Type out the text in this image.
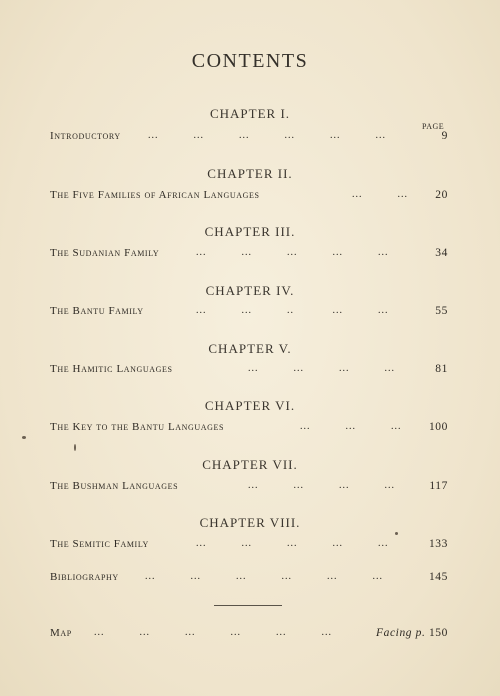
CONTENTS
PAGE
CHAPTER I.
Introductory	...          ...          ...          ...          ...          ...	9
CHAPTER II.
The Five Families of African Languages	...          ... 20
CHAPTER III.
The Sudanian Family	...          ...          ...          ...          ...	34
CHAPTER IV.
The Bantu Family	...          ...          ..           ...          ...	55
CHAPTER V.
The Hamitic Languages	...          ...          ...          ...	81
CHAPTER VI.
The Key to the Bantu Languages	...          ...          ... 100
CHAPTER VII.
The Bushman Languages	...          ...          ...          ...	117
CHAPTER VIII.
The Semitic Family	...          ...          ...          ...          ...	133
Bibliography	...          ...          ...          ...          ...          ...	145
Map ...          ...          ...          ...          ...          ...	Facing p. 150
